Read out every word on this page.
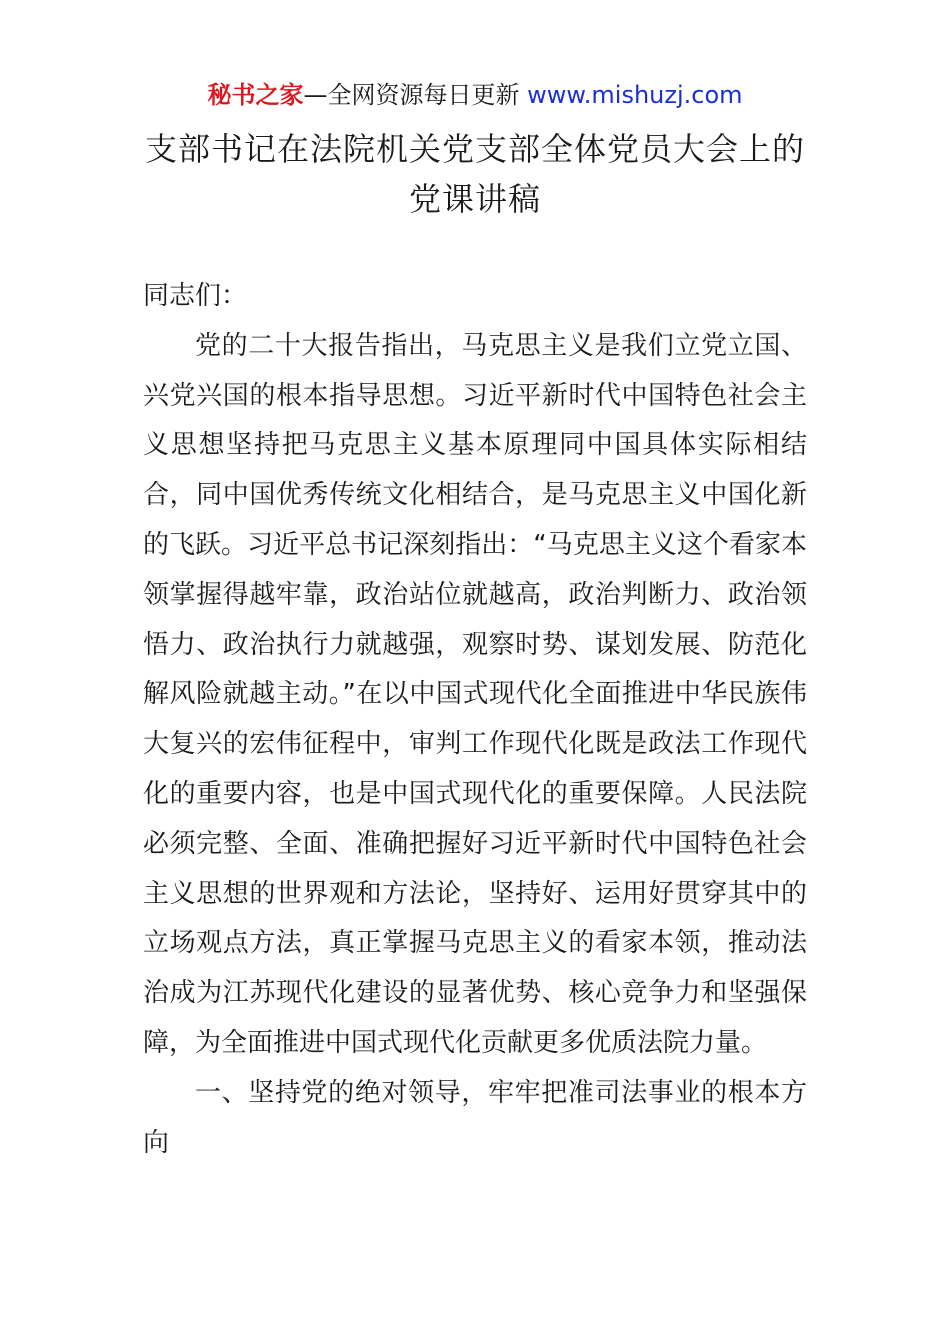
秘书之家—全网资源每日更新 www.mishuzj.com
支部书记在法院机关党支部全体党员大会上的
党课讲稿

同志们：

党的二十大报告指出，马克思主义是我们立党立国、兴党兴国的根本指导思想。习近平新时代中国特色社会主义思想坚持把马克思主义基本原理同中国具体实际相结合，同中国优秀传统文化相结合，是马克思主义中国化新的飞跃。习近平总书记深刻指出：“马克思主义这个看家本领掌握得越牢靠，政治站位就越高，政治判断力、政治领悟力、政治执行力就越强，观察时势、谋划发展、防范化解风险就越主动。”在以中国式现代化全面推进中华民族伟大复兴的宏伟征程中，审判工作现代化既是政法工作现代化的重要内容，也是中国式现代化的重要保障。人民法院必须完整、全面、准确把握好习近平新时代中国特色社会主义思想的世界观和方法论，坚持好、运用好贯穿其中的立场观点方法，真正掌握马克思主义的看家本领，推动法治成为江苏现代化建设的显著优势、核心竞争力和坚强保障，为全面推进中国式现代化贡献更多优质法院力量。

一、坚持党的绝对领导，牢牢把准司法事业的根本方向
